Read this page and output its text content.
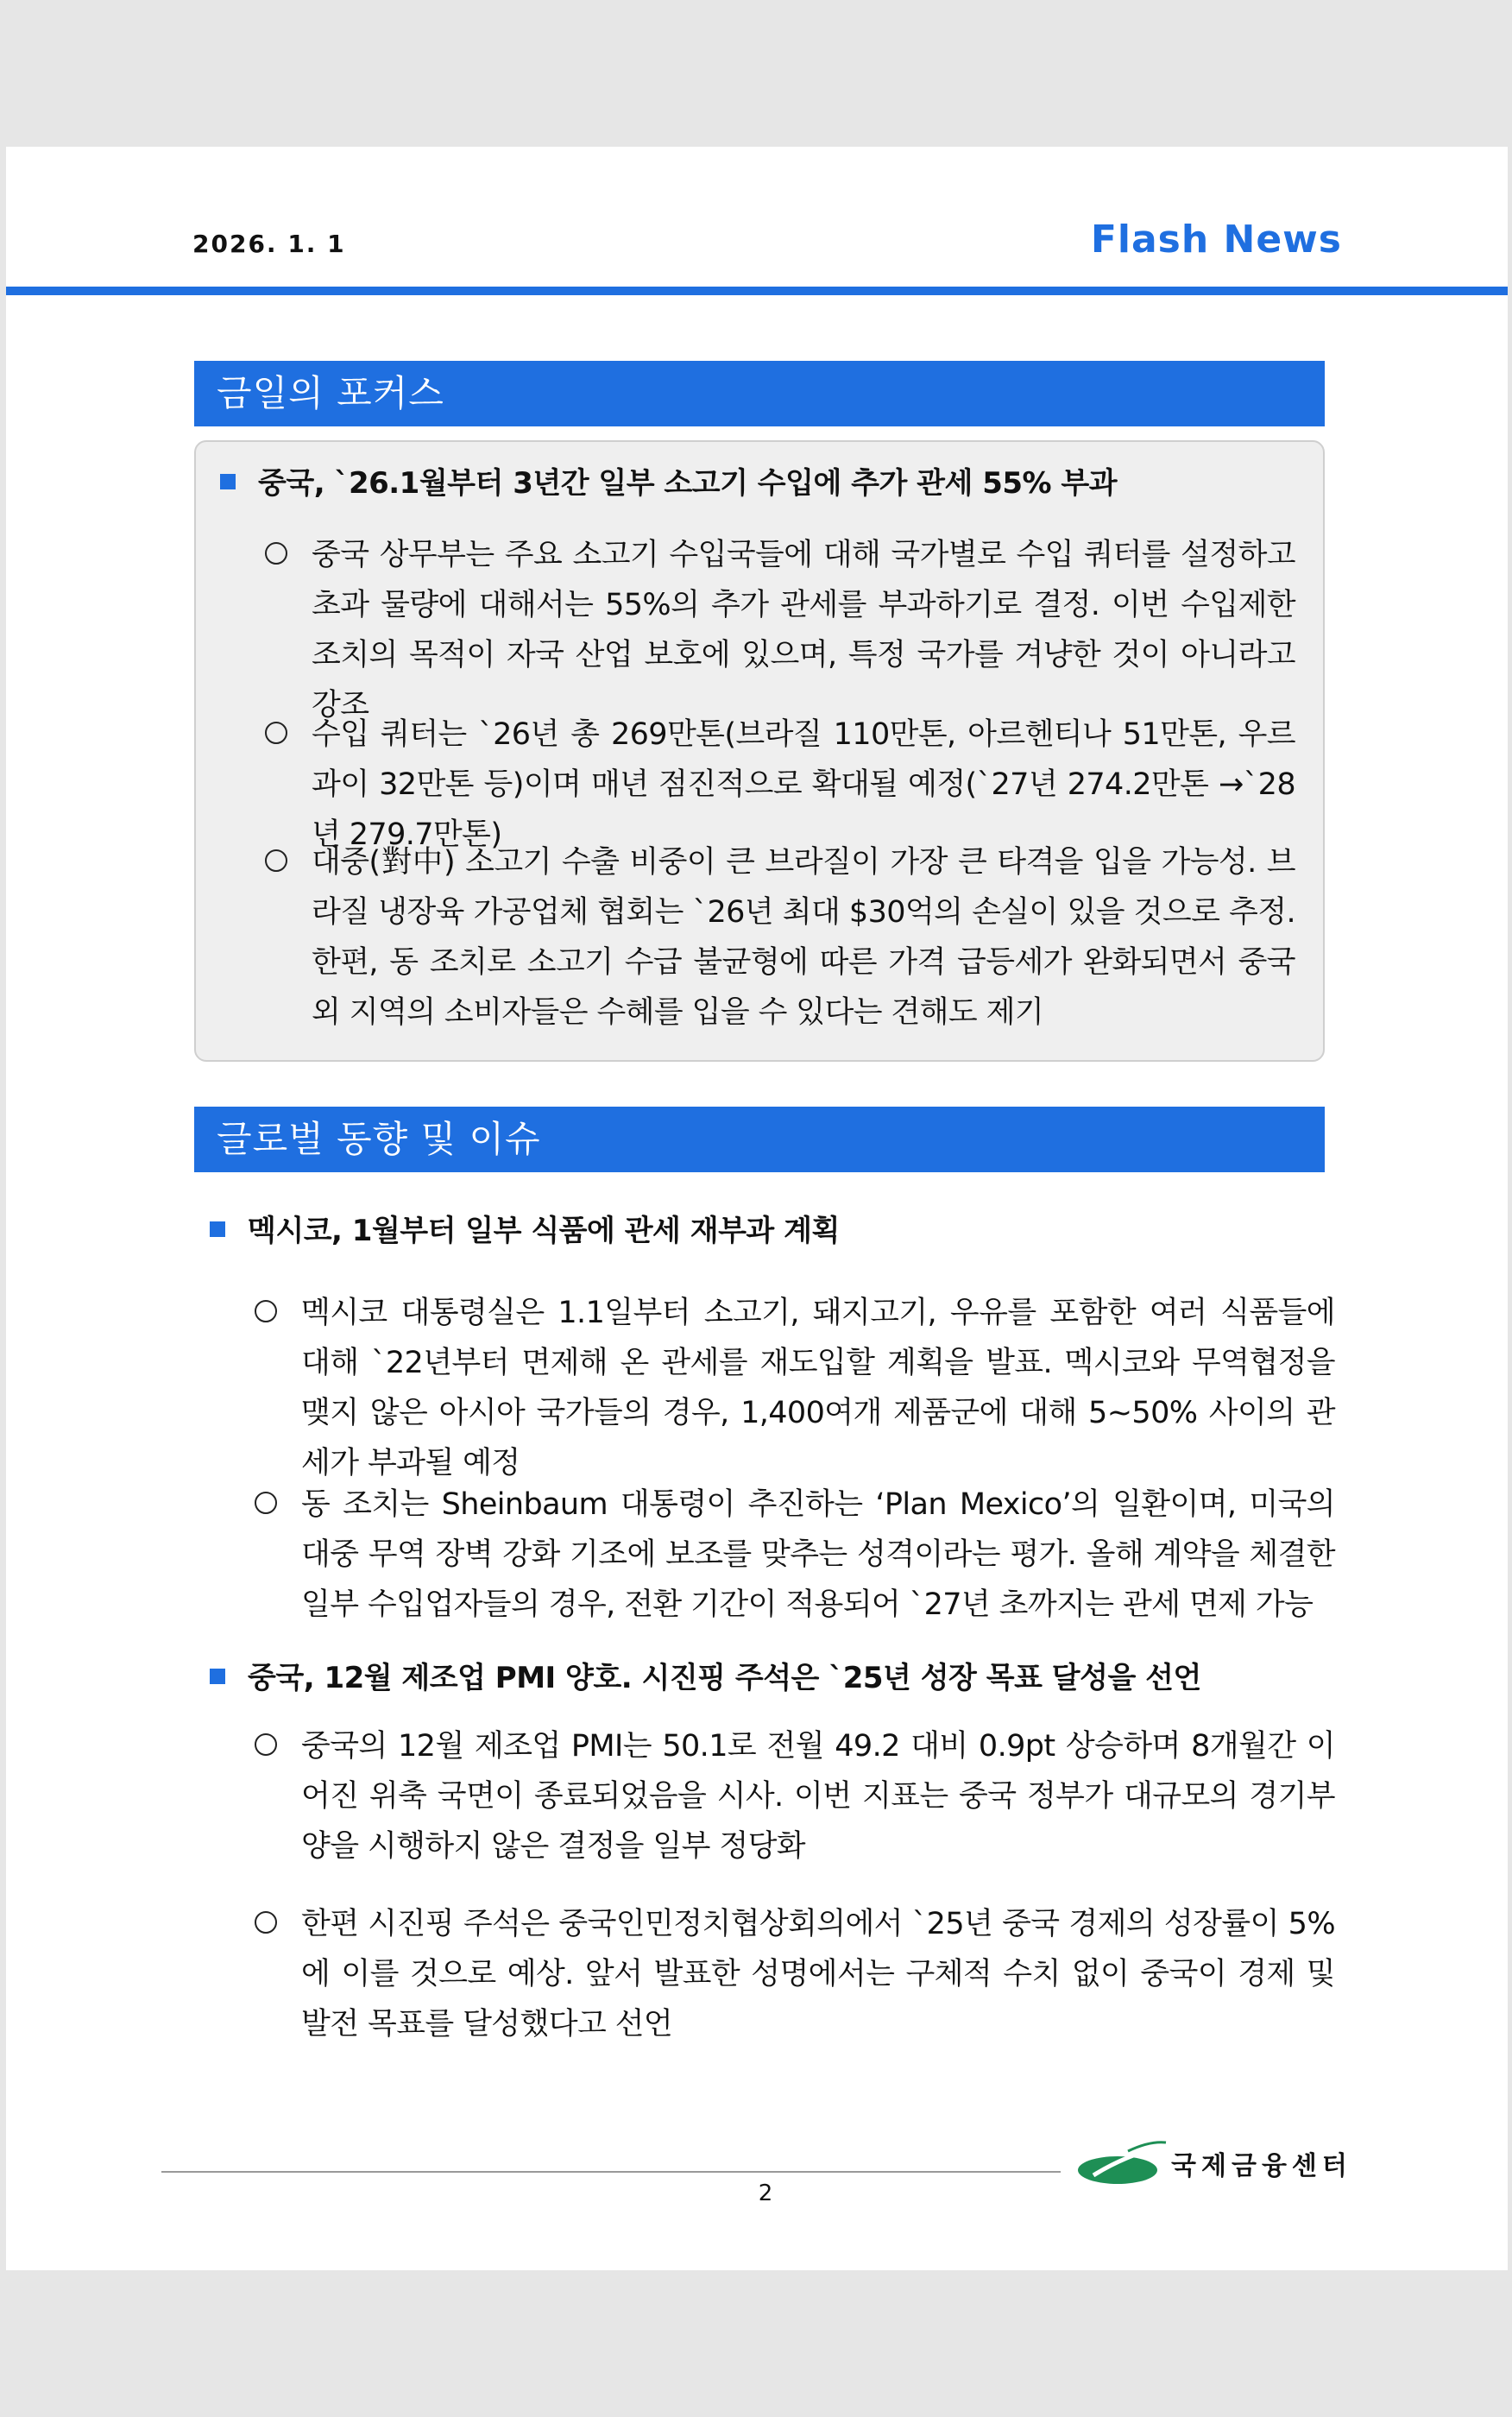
2026. 1. 1	Flash News
금일의 포커스
중국, `26.1월부터 3년간 일부 소고기 수입에 추가 관세 55% 부과
중국 상무부는 주요 소고기 수입국들에 대해 국가별로 수입 쿼터를 설정하고 초과 물량에 대해서는 55%의 추가 관세를 부과하기로 결정. 이번 수입제한 조치의 목적이 자국 산업 보호에 있으며, 특정 국가를 겨냥한 것이 아니라고 강조
수입 쿼터는 `26년 총 269만톤(브라질 110만톤, 아르헨티나 51만톤, 우르과이 32만톤 등)이며 매년 점진적으로 확대될 예정(`27년 274.2만톤 →`28년 279.7만톤)
대중(對中) 소고기 수출 비중이 큰 브라질이 가장 큰 타격을 입을 가능성. 브라질 냉장육 가공업체 협회는 `26년 최대 $30억의 손실이 있을 것으로 추정. 한편, 동 조치로 소고기 수급 불균형에 따른 가격 급등세가 완화되면서 중국 외 지역의 소비자들은 수혜를 입을 수 있다는 견해도 제기
글로벌 동향 및 이슈
멕시코, 1월부터 일부 식품에 관세 재부과 계획
멕시코 대통령실은 1.1일부터 소고기, 돼지고기, 우유를 포함한 여러 식품들에 대해 `22년부터 면제해 온 관세를 재도입할 계획을 발표. 멕시코와 무역협정을 맺지 않은 아시아 국가들의 경우, 1,400여개 제품군에 대해 5~50% 사이의 관세가 부과될 예정
동 조치는 Sheinbaum 대통령이 추진하는 ‘Plan Mexico’의 일환이며, 미국의 대중 무역 장벽 강화 기조에 보조를 맞추는 성격이라는 평가. 올해 계약을 체결한 일부 수입업자들의 경우, 전환 기간이 적용되어 `27년 초까지는 관세 면제 가능
중국, 12월 제조업 PMI 양호. 시진핑 주석은 `25년 성장 목표 달성을 선언
중국의 12월 제조업 PMI는 50.1로 전월 49.2 대비 0.9pt 상승하며 8개월간 이어진 위축 국면이 종료되었음을 시사. 이번 지표는 중국 정부가 대규모의 경기부양을 시행하지 않은 결정을 일부 정당화
한편 시진핑 주석은 중국인민정치협상회의에서 `25년 중국 경제의 성장률이 5%에 이를 것으로 예상. 앞서 발표한 성명에서는 구체적 수치 없이 중국이 경제 및 발전 목표를 달성했다고 선언
2
국제금융센터
